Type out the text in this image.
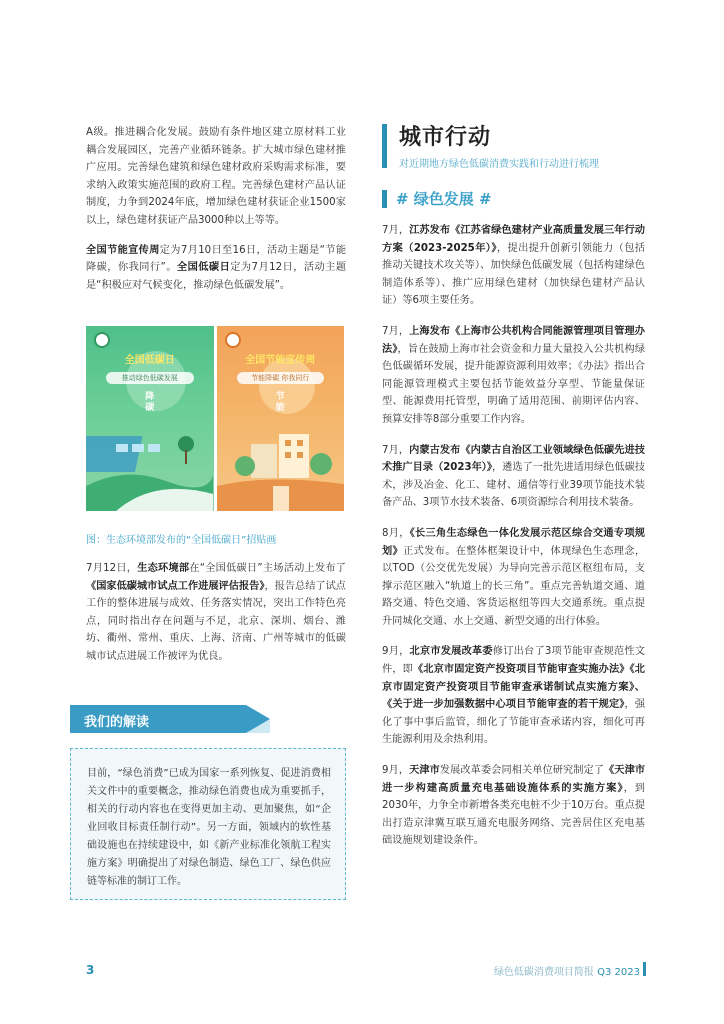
A级。推进耦合化发展。鼓励有条件地区建立原材料工业耦合发展园区，完善产业循环链条。扩大城市绿色建材推广应用。完善绿色建筑和绿色建材政府采购需求标准，要求纳入政策实施范围的政府工程。完善绿色建材产品认证制度，力争到2024年底，增加绿色建材获证企业1500家以上，绿色建材获证产品3000种以上等等。

全国节能宣传周定为7月10日至16日，活动主题是“节能降碳，你我同行”。全国低碳日定为7月12日，活动主题是“积极应对气候变化，推动绿色低碳发展”。

全国低碳日
推动绿色低碳发展
降碳
全国节能宣传周
节能降碳 你我同行
节能
图：生态环境部发布的“全国低碳日”招贴画

7月12日，生态环境部在“全国低碳日”主场活动上发布了《国家低碳城市试点工作进展评估报告》，报告总结了试点工作的整体进展与成效、任务落实情况，突出工作特色亮点，同时指出存在问题与不足，北京、深圳、烟台、潍坊、衢州、常州、重庆、上海、济南、广州等城市的低碳城市试点进展工作被评为优良。

我们的解读

目前，“绿色消费”已成为国家一系列恢复、促进消费相关文件中的重要概念，推动绿色消费也成为重要抓手，相关的行动内容也在变得更加主动、更加聚焦，如“企业回收目标责任制行动”。另一方面，领域内的软性基础设施也在持续建设中，如《新产业标准化领航工程实施方案》明确提出了对绿色制造、绿色工厂、绿色供应链等标准的制订工作。

城市行动
对近期地方绿色低碳消费实践和行动进行梳理
# 绿色发展 #

7月，江苏发布《江苏省绿色建材产业高质量发展三年行动方案（2023-2025年）》，提出提升创新引领能力（包括推动关键技术攻关等）、加快绿色低碳发展（包括构建绿色制造体系等）、推广应用绿色建材（加快绿色建材产品认证）等6项主要任务。

7月，上海发布《上海市公共机构合同能源管理项目管理办法》，旨在鼓励上海市社会资金和力量大量投入公共机构绿色低碳循环发展，提升能源资源利用效率；《办法》指出合同能源管理模式主要包括节能效益分享型、节能量保证型、能源费用托管型，明确了适用范围、前期评估内容、预算安排等8部分重要工作内容。

7月，内蒙古发布《内蒙古自治区工业领域绿色低碳先进技术推广目录（2023年）》，遴选了一批先进适用绿色低碳技术，涉及冶金、化工、建材、通信等行业39项节能技术装备产品、3项节水技术装备、6项资源综合利用技术装备。

8月，《长三角生态绿色一体化发展示范区综合交通专项规划》正式发布。在整体框架设计中，体现绿色生态理念，以TOD（公交优先发展）为导向完善示范区枢纽布局，支撑示范区融入“轨道上的长三角”。重点完善轨道交通、道路交通、特色交通、客货运枢纽等四大交通系统。重点提升同城化交通、水上交通、新型交通的出行体验。

9月，北京市发展改革委修订出台了3项节能审查规范性文件，即《北京市固定资产投资项目节能审查实施办法》《北京市固定资产投资项目节能审查承诺制试点实施方案》、《关于进一步加强数据中心项目节能审查的若干规定》，强化了事中事后监管，细化了节能审查承诺内容，细化可再生能源利用及余热利用。

9月，天津市发展改革委会同相关单位研究制定了《天津市进一步构建高质量充电基础设施体系的实施方案》，到2030年，力争全市新增各类充电桩不少于10万台。重点提出打造京津冀互联互通充电服务网络、完善居住区充电基础设施规划建设条件。

3	绿色低碳消费项目简报 Q3 2023
